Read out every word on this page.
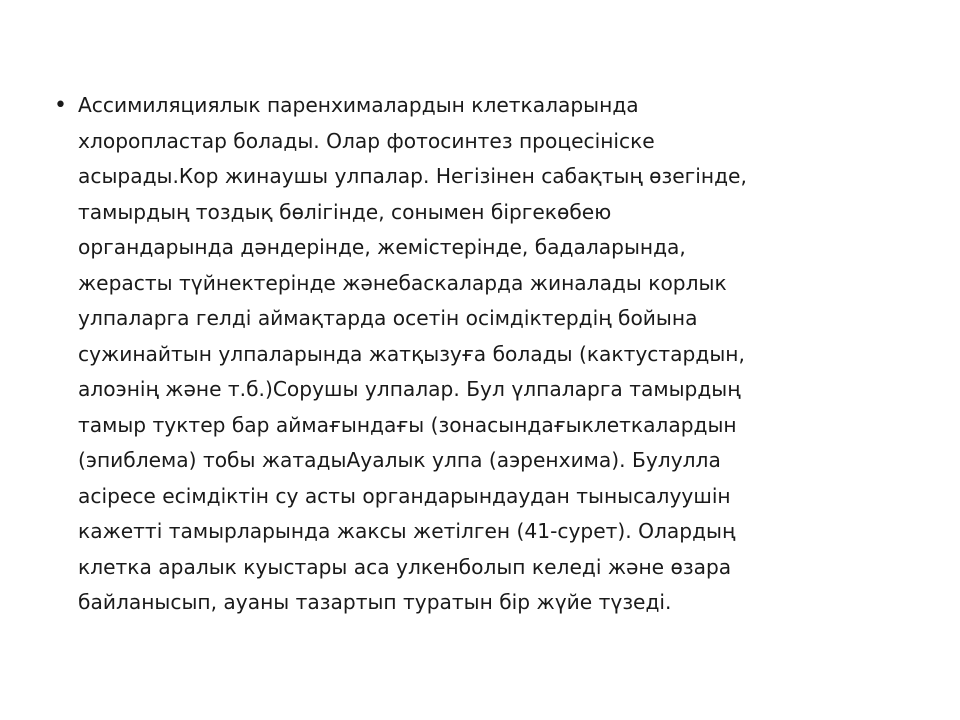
• Ассимиляциялык паренхималардын клеткаларында
хлоропластар болады. Олар фотосинтез процесініске
асырады.Кор жинаушы улпалар. Негізінен сабақтың өзегінде,
тамырдың тоздық бөлігінде, сонымен біргекөбею
органдарында дәндерінде, жемістерінде, бадаларында,
жерасты түйнектерінде жәнебаскаларда жиналады корлык
улпаларга гелді аймақтарда осетін осімдіктердің бойына
сужинайтын улпаларында жатқызуға болады (кактустардын,
алоэнің және т.б.)Сорушы улпалар. Бул үлпаларга тамырдың
тамыр туктер бар аймағындағы (зонасындағыклеткалардын
(эпиблема) тобы жатадыАуалык улпа (аэренхима). Булулла
асіресе есімдіктін су асты органдарындаудан тынысалуушін
кажетті тамырларында жаксы жетілген (41-сурет). Олардың
клетка аралык куыстары аса улкенболып келеді және өзара
байланысып, ауаны тазартып туратын бір жүйе түзеді.
